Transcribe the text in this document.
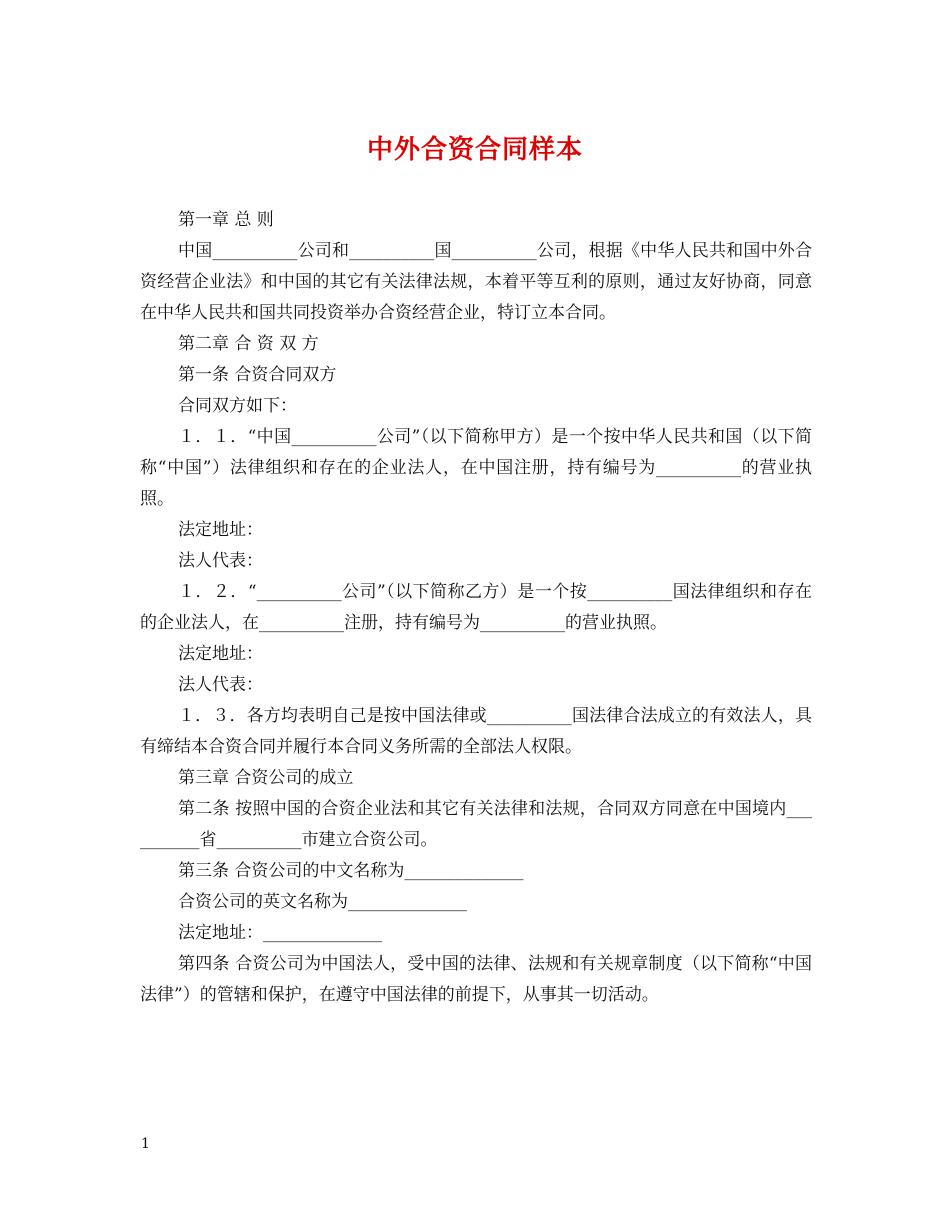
中外合资合同样本

第一章 总 则

中国__________公司和__________国__________公司，根据《中华人民共和国中外合资经营企业法》和中国的其它有关法律法规，本着平等互利的原则，通过友好协商，同意在中华人民共和国共同投资举办合资经营企业，特订立本合同。

第二章 合 资 双 方

第一条 合资合同双方

合同双方如下：

１．１．“中国__________公司”（以下简称甲方）是一个按中华人民共和国（以下简称“中国”）法律组织和存在的企业法人，在中国注册，持有编号为__________的营业执照。

法定地址：

法人代表：

１．２．“__________公司”（以下简称乙方）是一个按__________国法律组织和存在的企业法人，在__________注册，持有编号为__________的营业执照。

法定地址：

法人代表：

１．３．各方均表明自己是按中国法律或__________国法律合法成立的有效法人，具有缔结本合资合同并履行本合同义务所需的全部法人权限。

第三章 合资公司的成立

第二条 按照中国的合资企业法和其它有关法律和法规，合同双方同意在中国境内__________省__________市建立合资公司。

第三条 合资公司的中文名称为______________

合资公司的英文名称为______________

法定地址：______________

第四条 合资公司为中国法人，受中国的法律、法规和有关规章制度（以下简称“中国法律”）的管辖和保护，在遵守中国法律的前提下，从事其一切活动。

1
